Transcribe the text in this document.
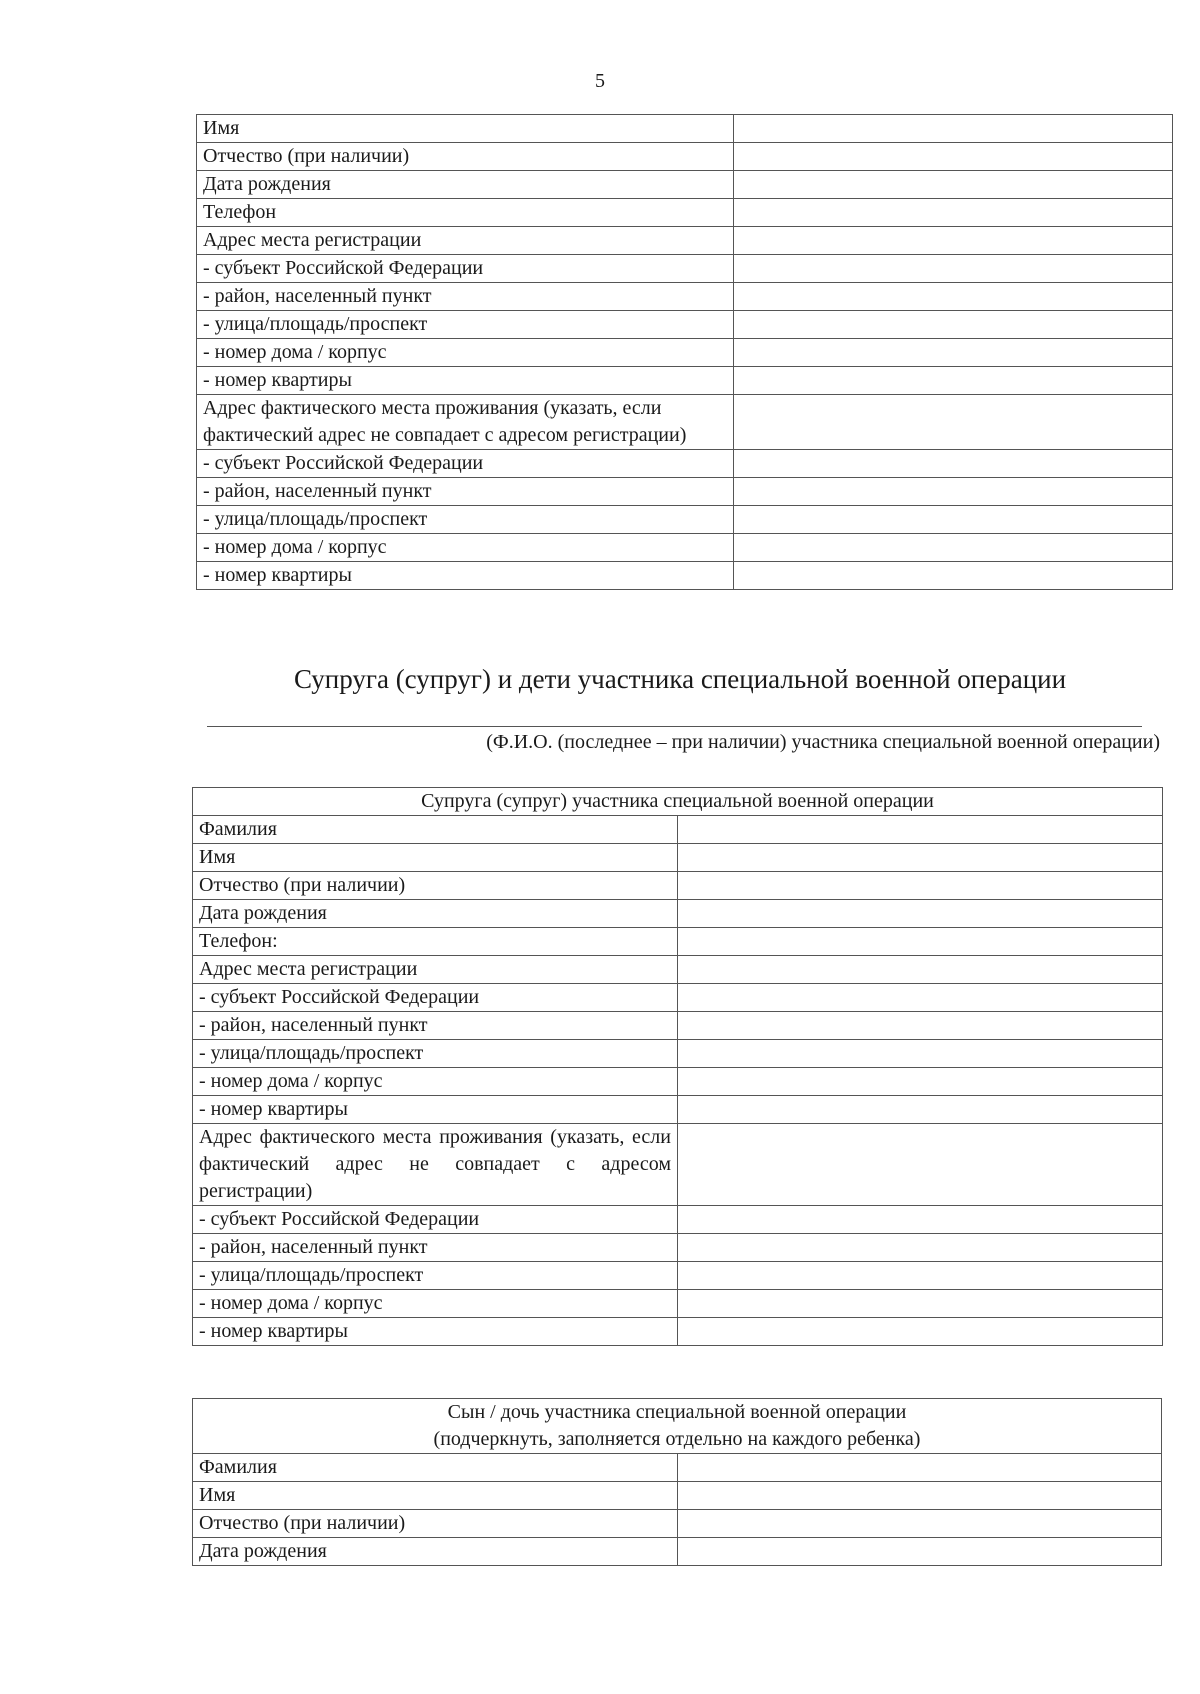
5
Имя	
Отчество (при наличии)	
Дата рождения	
Телефон	
Адрес места регистрации	
- субъект Российской Федерации	
- район, населенный пункт	
- улица/площадь/проспект	
- номер дома / корпус	
- номер квартиры	
Адрес фактического места проживания (указать, если фактический адрес не совпадает с адресом регистрации)	
- субъект Российской Федерации	
- район, населенный пункт	
- улица/площадь/проспект	
- номер дома / корпус	
- номер квартиры	
Супруга (супруг) и дети участника специальной военной операции
(Ф.И.О. (последнее – при наличии) участника специальной военной операции)
Супруга (супруг) участника специальной военной операции	
Фамилия	
Имя	
Отчество (при наличии)	
Дата рождения	
Телефон:	
Адрес места регистрации	
- субъект Российской Федерации	
- район, населенный пункт	
- улица/площадь/проспект	
- номер дома / корпус	
- номер квартиры	
Адрес фактического места проживания (указать, если фактический адрес не совпадает с адресом регистрации)	
- субъект Российской Федерации	
- район, населенный пункт	
- улица/площадь/проспект	
- номер дома / корпус	
- номер квартиры	
Сын / дочь участника специальной военной операции
(подчеркнуть, заполняется отдельно на каждого ребенка)	

Фамилия	
Имя	
Отчество (при наличии)	
Дата рождения	
